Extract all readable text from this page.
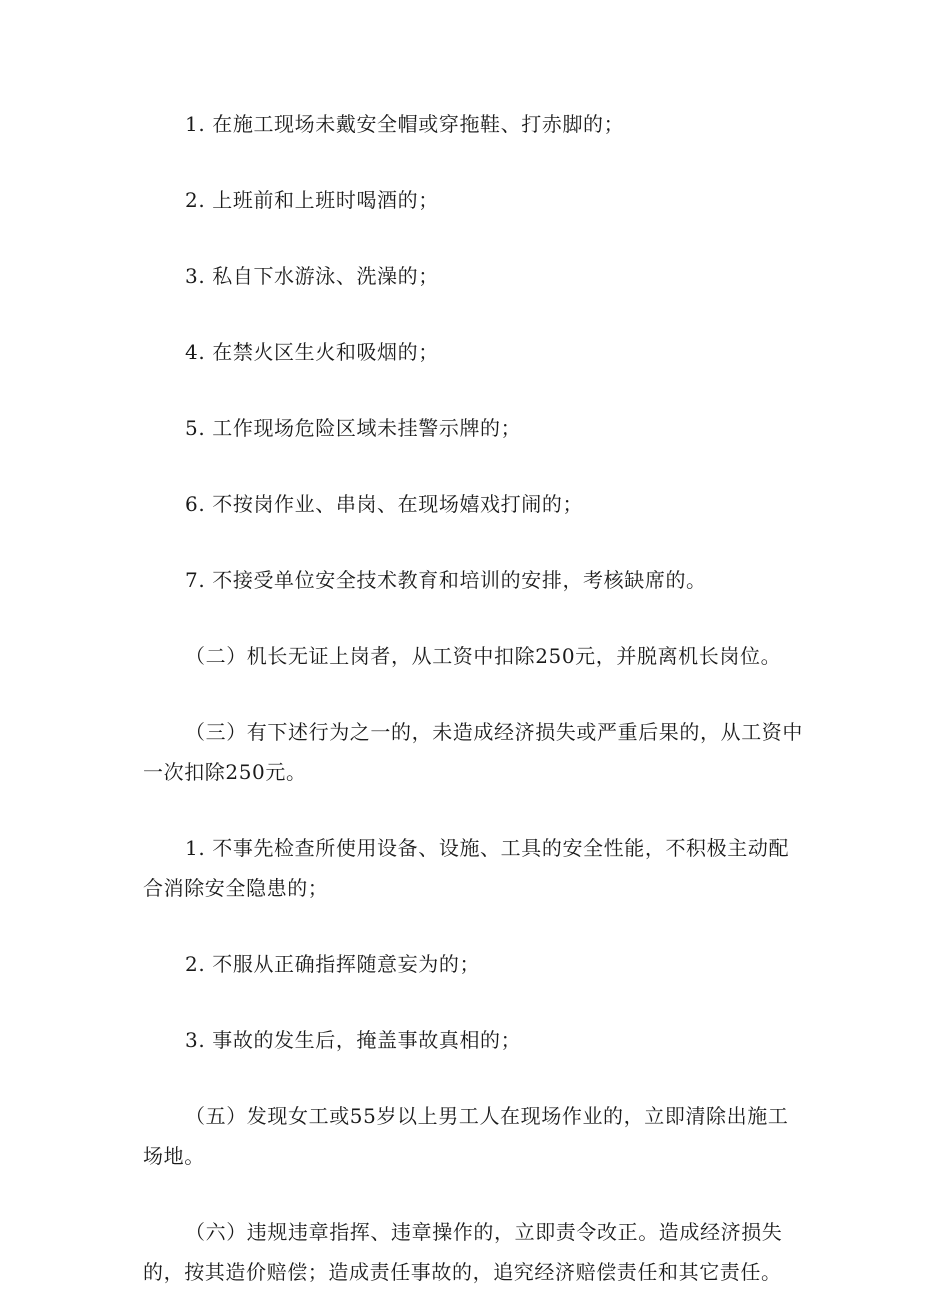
1. 在施工现场未戴安全帽或穿拖鞋、打赤脚的；

2. 上班前和上班时喝酒的；

3. 私自下水游泳、洗澡的；

4. 在禁火区生火和吸烟的；

5. 工作现场危险区域未挂警示牌的；

6. 不按岗作业、串岗、在现场嬉戏打闹的；

7. 不接受单位安全技术教育和培训的安排，考核缺席的。

（二）机长无证上岗者，从工资中扣除250元，并脱离机长岗位。

（三）有下述行为之一的，未造成经济损失或严重后果的，从工资中一次扣除250元。

1. 不事先检查所使用设备、设施、工具的安全性能，不积极主动配合消除安全隐患的；

2. 不服从正确指挥随意妄为的；

3. 事故的发生后，掩盖事故真相的；

（五）发现女工或55岁以上男工人在现场作业的，立即清除出施工场地。

（六）违规违章指挥、违章操作的，立即责令改正。造成经济损失的，按其造价赔偿；造成责任事故的，追究经济赔偿责任和其它责任。
